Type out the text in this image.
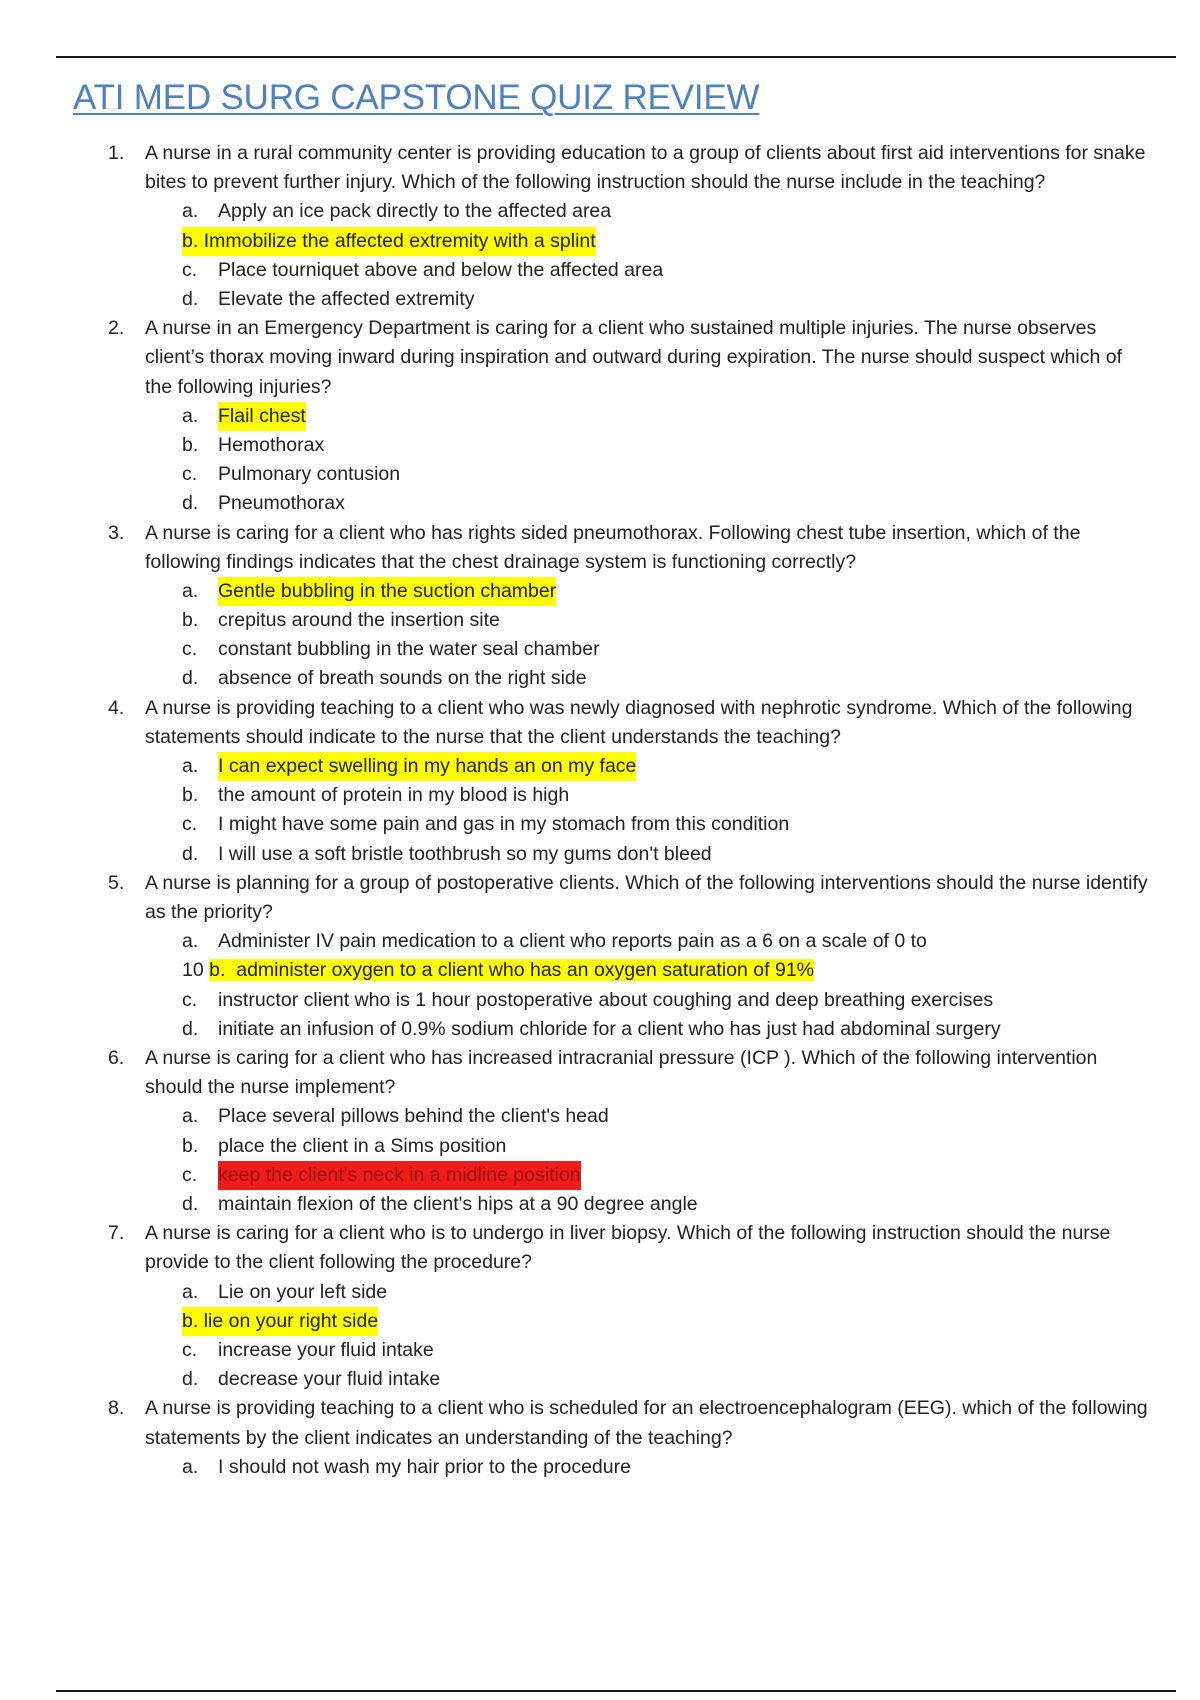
ATI MED SURG CAPSTONE QUIZ REVIEW
1. A nurse in a rural community center is providing education to a group of clients about first aid interventions for snake bites to prevent further injury. Which of the following instruction should the nurse include in the teaching?

a. Apply an ice pack directly to the affected area
b. Immobilize the affected extremity with a splint
c. Place tourniquet above and below the affected area
d. Elevate the affected extremity
2. A nurse in an Emergency Department is caring for a client who sustained multiple injuries. The nurse observes client’s thorax moving inward during inspiration and outward during expiration. The nurse should suspect which of the following injuries?

a. Flail chest
b. Hemothorax
c. Pulmonary contusion
d. Pneumothorax
3. A nurse is caring for a client who has rights sided pneumothorax. Following chest tube insertion, which of the following findings indicates that the chest drainage system is functioning correctly?

a. Gentle bubbling in the suction chamber
b. crepitus around the insertion site
c. constant bubbling in the water seal chamber
d. absence of breath sounds on the right side
4. A nurse is providing teaching to a client who was newly diagnosed with nephrotic syndrome. Which of the following statements should indicate to the nurse that the client understands the teaching?

a. I can expect swelling in my hands an on my face
b. the amount of protein in my blood is high
c. I might have some pain and gas in my stomach from this condition
d. I will use a soft bristle toothbrush so my gums don't bleed
5. A nurse is planning for a group of postoperative clients. Which of the following interventions should the nurse identify as the priority?

a. Administer IV pain medication to a client who reports pain as a 6 on a scale of 0 to
10 b. administer oxygen to a client who has an oxygen saturation of 91%
c. instructor client who is 1 hour postoperative about coughing and deep breathing exercises
d. initiate an infusion of 0.9% sodium chloride for a client who has just had abdominal surgery
6. A nurse is caring for a client who has increased intracranial pressure (ICP ). Which of the following intervention should the nurse implement?

a. Place several pillows behind the client's head
b. place the client in a Sims position
c. keep the client's neck in a midline position
d. maintain flexion of the client's hips at a 90 degree angle
7. A nurse is caring for a client who is to undergo in liver biopsy. Which of the following instruction should the nurse provide to the client following the procedure?

a. Lie on your left side
b. lie on your right side
c. increase your fluid intake
d. decrease your fluid intake
8. A nurse is providing teaching to a client who is scheduled for an electroencephalogram (EEG). which of the following statements by the client indicates an understanding of the teaching?

a. I should not wash my hair prior to the procedure
